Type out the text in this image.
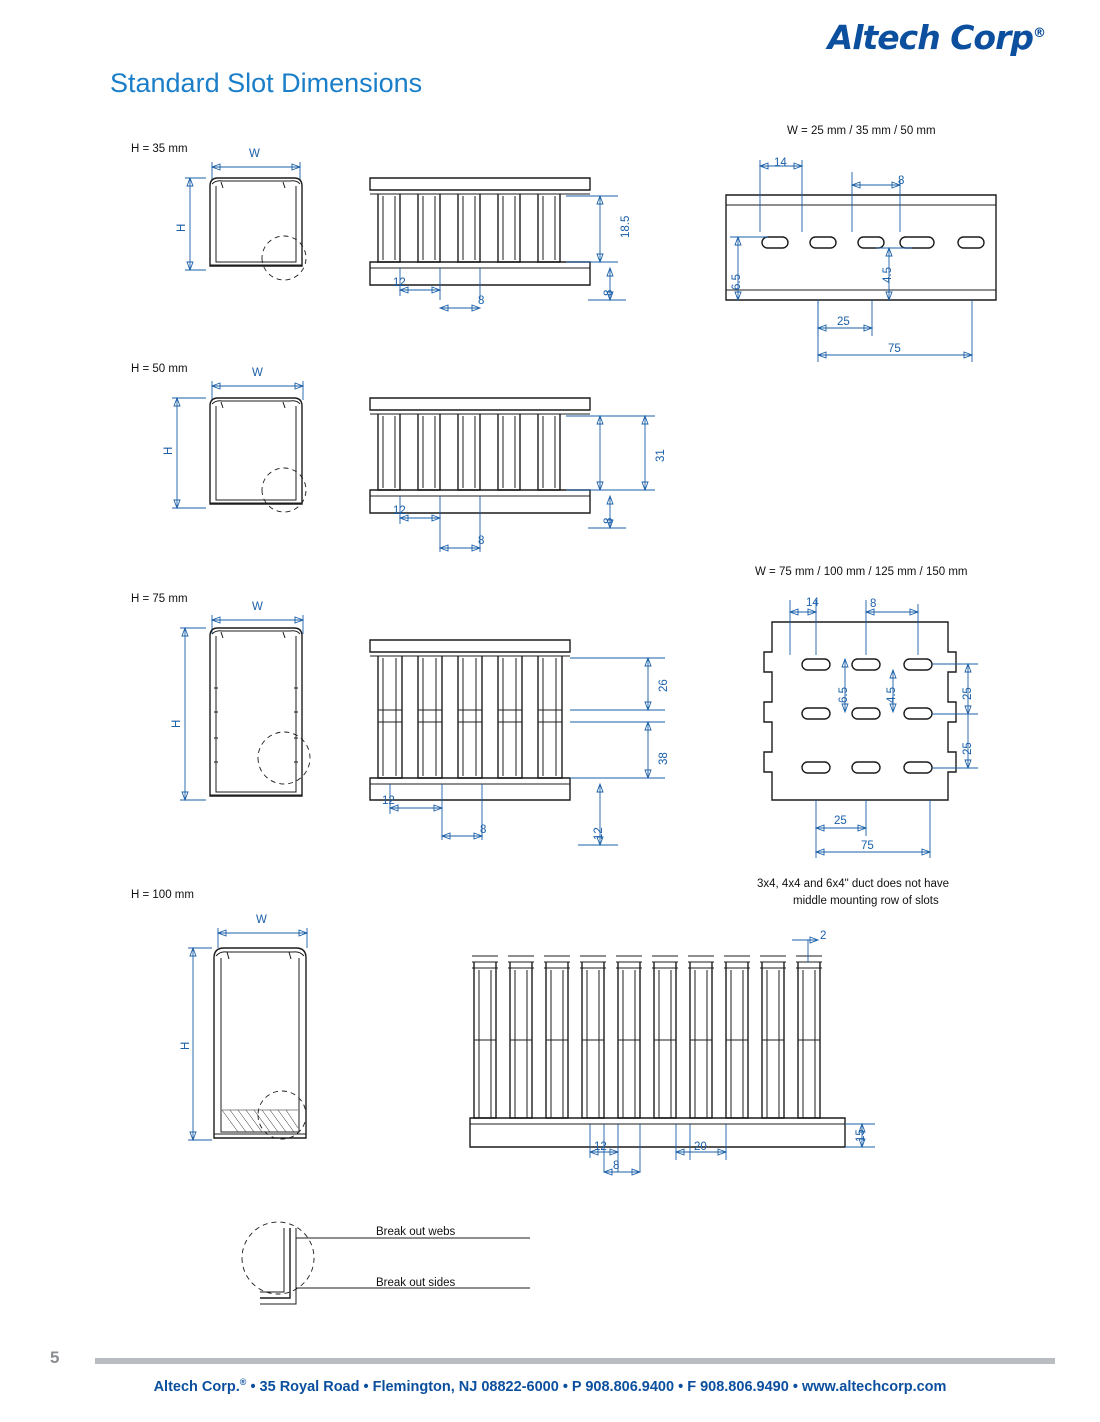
Altech Corp®
Standard Slot Dimensions
H = 35 mm	W
H
12
8
18.5
8
W = 25 mm / 35 mm / 50 mm
14
8
6.5	4.5
25
75
H = 50 mm	W
H
12
8
31
8
H = 75 mm
W
H
12
8
26
38
12
W = 75 mm / 100 mm / 125 mm / 150 mm
14	8
6.5	4.5	25
25
25
75
3x4, 4x4 and 6x4" duct does not have
middle mounting row of slots
H = 100 mm
W
H
2
15
12
8
20
Break out webs
Break out sides
5
Altech Corp.® • 35 Royal Road • Flemington, NJ 08822-6000 • P 908.806.9400 • F 908.806.9490 • www.altechcorp.com
